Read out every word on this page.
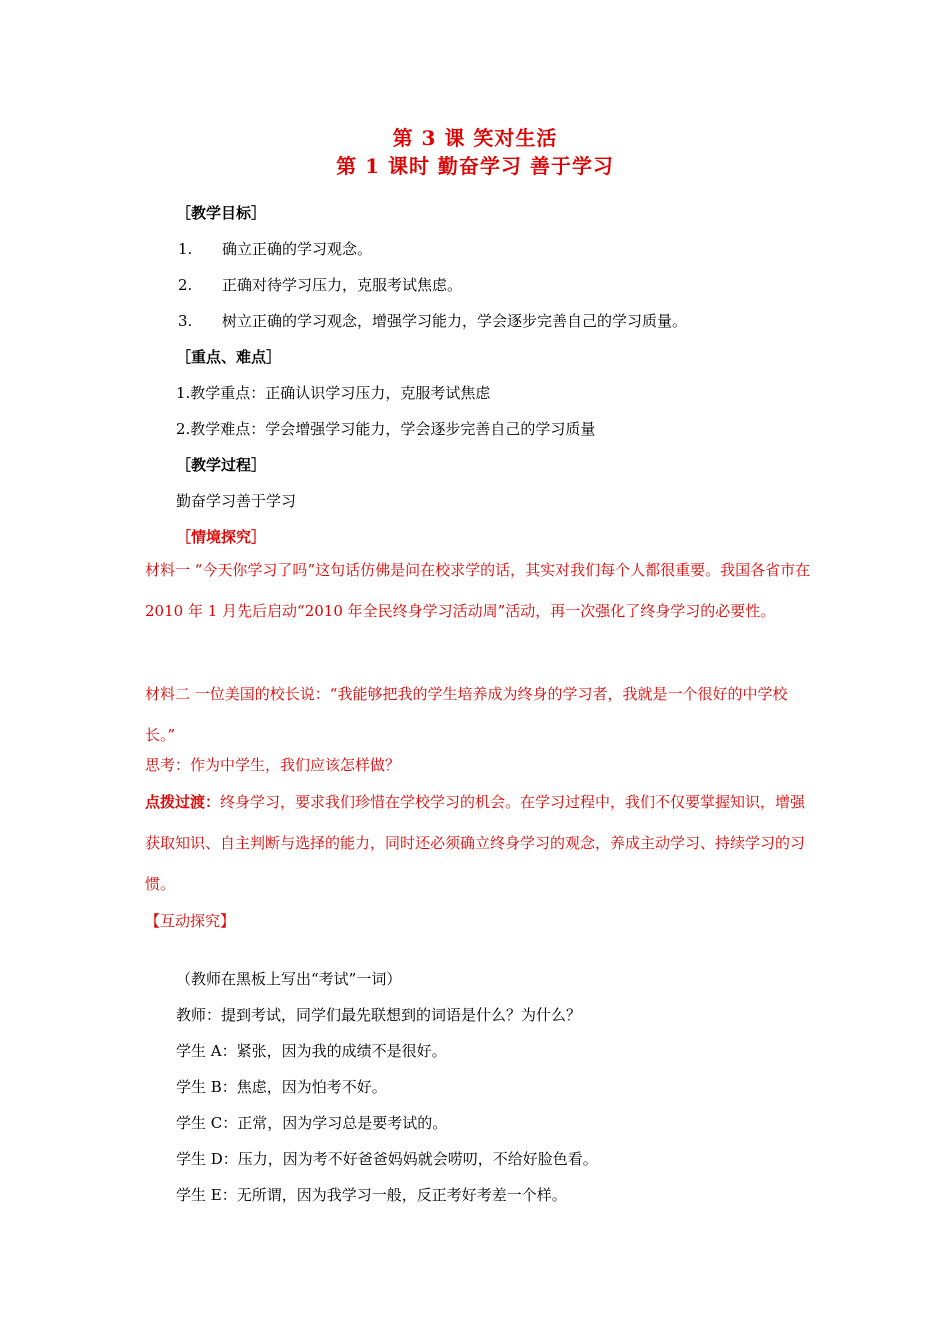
第 3 课 笑对生活
第 1 课时 勤奋学习 善于学习
［教学目标］
1. 确立正确的学习观念。
2. 正确对待学习压力，克服考试焦虑。
3. 树立正确的学习观念，增强学习能力，学会逐步完善自己的学习质量。
［重点、难点］
1.教学重点：正确认识学习压力，克服考试焦虑
2.教学难点：学会增强学习能力，学会逐步完善自己的学习质量
［教学过程］
勤奋学习善于学习
［情境探究］
材料一 “今天你学习了吗”这句话仿佛是问在校求学的话，其实对我们每个人都很重要。我国各省市在 2010 年 1 月先后启动“2010 年全民终身学习活动周”活动，再一次强化了终身学习的必要性。
材料二 一位美国的校长说：“我能够把我的学生培养成为终身的学习者，我就是一个很好的中学校长。”
思考：作为中学生，我们应该怎样做？
点拨过渡：终身学习，要求我们珍惜在学校学习的机会。在学习过程中，我们不仅要掌握知识，增强获取知识、自主判断与选择的能力，同时还必须确立终身学习的观念，养成主动学习、持续学习的习惯。
【互动探究】
（教师在黑板上写出“考试”一词）
教师：提到考试，同学们最先联想到的词语是什么？为什么？
学生 A：紧张，因为我的成绩不是很好。
学生 B：焦虑，因为怕考不好。
学生 C：正常，因为学习总是要考试的。
学生 D：压力，因为考不好爸爸妈妈就会唠叨，不给好脸色看。
学生 E：无所谓，因为我学习一般，反正考好考差一个样。
